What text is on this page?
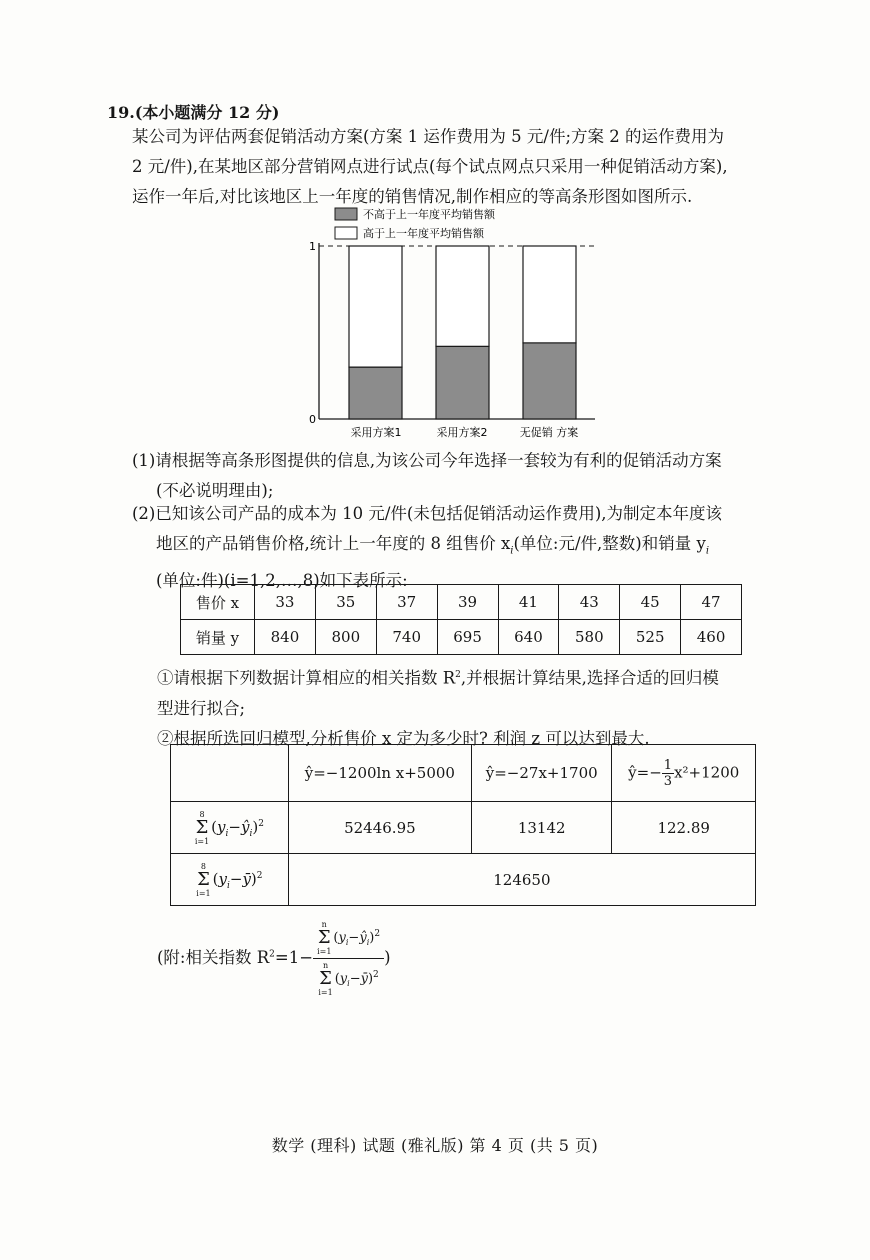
19.(本小题满分 12 分)

某公司为评估两套促销活动方案(方案 1 运作费用为 5 元/件;方案 2 的运作费用为

2 元/件),在某地区部分营销网点进行试点(每个试点网点只采用一种促销活动方案),

运作一年后,对比该地区上一年度的销售情况,制作相应的等高条形图如图所示.

不高于上一年度平均销售额
高于上一年度平均销售额
1
0
采用方案1	采用方案2	无促销 方案

(1)请根据等高条形图提供的信息,为该公司今年选择一套较为有利的促销活动方案

(不必说明理由);

(2)已知该公司产品的成本为 10 元/件(未包括促销活动运作费用),为制定本年度该

地区的产品销售价格,统计上一年度的 8 组售价 $x_i$(单位:元/件,整数)和销量 $y_i$

(单位:件)(i=1,2,…,8)如下表所示:

售价 x	33	35	37	39	41	43	45	47
销量 y	840	800	740	695	640	580	525	460

①请根据下列数据计算相应的相关指数 $R^2$,并根据计算结果,选择合适的回归模

型进行拟合;

②根据所选回归模型,分析售价 x 定为多少时? 利润 z 可以达到最大.

	ŷ=−1200ln x+5000	ŷ=−27x+1700	ŷ=− $\frac{1}{3} x^2+1200$

8
Σ
i=1
$(y_i-ŷ_i)^2$	52446.95	13142	122.89

8
Σ
i=1
$(y_i-ȳ)^2$	124650		
(附:相关指数 $R^2=1-$
n
Σ
i=1
$(y_i-ŷ_i)^2$
n
Σ
i=1
$(y_i-ȳ)^2$
)
数学 (理科) 试题 (雅礼版) 第 4 页 (共 5 页)
